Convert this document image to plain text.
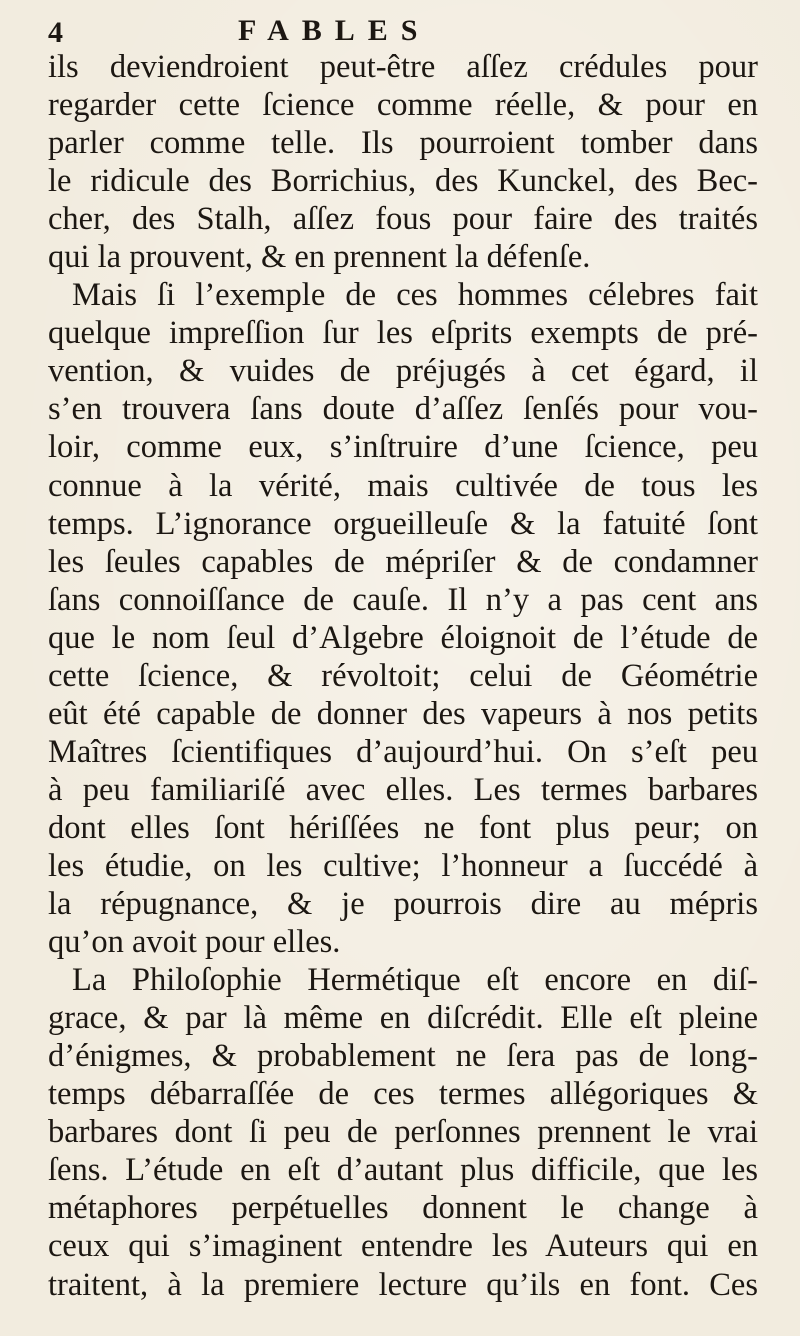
4	FABLES
ils deviendroient peut-être aſſez crédules pour
regarder cette ſcience comme réelle, & pour en
parler comme telle. Ils pourroient tomber dans
le ridicule des Borrichius, des Kunckel, des Bec-
cher, des Stalh, aſſez fous pour faire des traités
qui la prouvent, & en prennent la défenſe.
Mais ſi l’exemple de ces hommes célebres fait
quelque impreſſion ſur les eſprits exempts de pré-
vention, & vuides de préjugés à cet égard, il
s’en trouvera ſans doute d’aſſez ſenſés pour vou-
loir, comme eux, s’inſtruire d’une ſcience, peu
connue à la vérité, mais cultivée de tous les
temps. L’ignorance orgueilleuſe & la fatuité ſont
les ſeules capables de mépriſer & de condamner
ſans connoiſſance de cauſe. Il n’y a pas cent ans
que le nom ſeul d’Algebre éloignoit de l’étude de
cette ſcience, & révoltoit; celui de Géométrie
eût été capable de donner des vapeurs à nos petits
Maîtres ſcientifiques d’aujourd’hui. On s’eſt peu
à peu familiariſé avec elles. Les termes barbares
dont elles ſont hériſſées ne font plus peur; on
les étudie, on les cultive; l’honneur a ſuccédé à
la répugnance, & je pourrois dire au mépris
qu’on avoit pour elles.
La Philoſophie Hermétique eſt encore en diſ-
grace, & par là même en diſcrédit. Elle eſt pleine
d’énigmes, & probablement ne ſera pas de long-
temps débarraſſée de ces termes allégoriques &
barbares dont ſi peu de perſonnes prennent le vrai
ſens. L’étude en eſt d’autant plus difficile, que les
métaphores perpétuelles donnent le change à
ceux qui s’imaginent entendre les Auteurs qui en
traitent, à la premiere lecture qu’ils en font. Ces
